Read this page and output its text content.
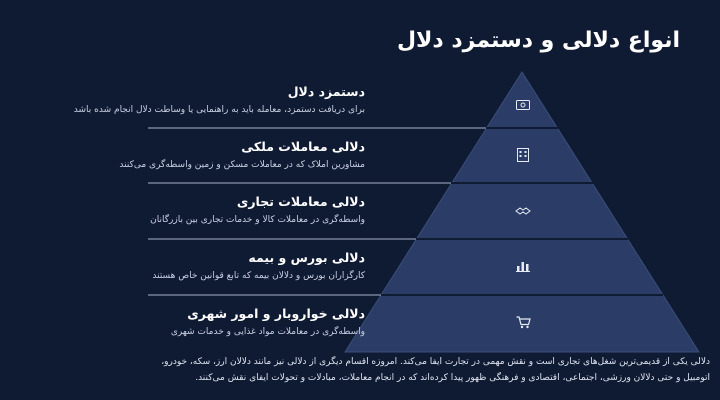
انواع دلالی و دستمزد دلال
دستمزد دلال
برای دریافت دستمزد، معامله باید به راهنمایی یا وساطت دلال انجام شده باشد
دلالی معاملات ملکی
مشاورین املاک که در معاملات مسکن و زمین واسطه‌گری می‌کنند
دلالی معاملات تجاری
واسطه‌گری در معاملات کالا و خدمات تجاری بین بازرگانان
دلالی بورس و بیمه
کارگزاران بورس و دلالان بیمه که تابع قوانین خاص هستند
دلالی خواروبار و امور شهری
واسطه‌گری در معاملات مواد غذایی و خدمات شهری
دلالی یکی از قدیمی‌ترین شغل‌های تجاری است و نقش مهمی در تجارت ایفا می‌کند. امروزه اقسام دیگری از دلالی نیز مانند دلالان ارز، سکه، خودرو،
اتومبیل و حتی دلالان ورزشی، اجتماعی، اقتصادی و فرهنگی ظهور پیدا کرده‌اند که در انجام معاملات، مبادلات و تحولات ایفای نقش می‌کنند.
